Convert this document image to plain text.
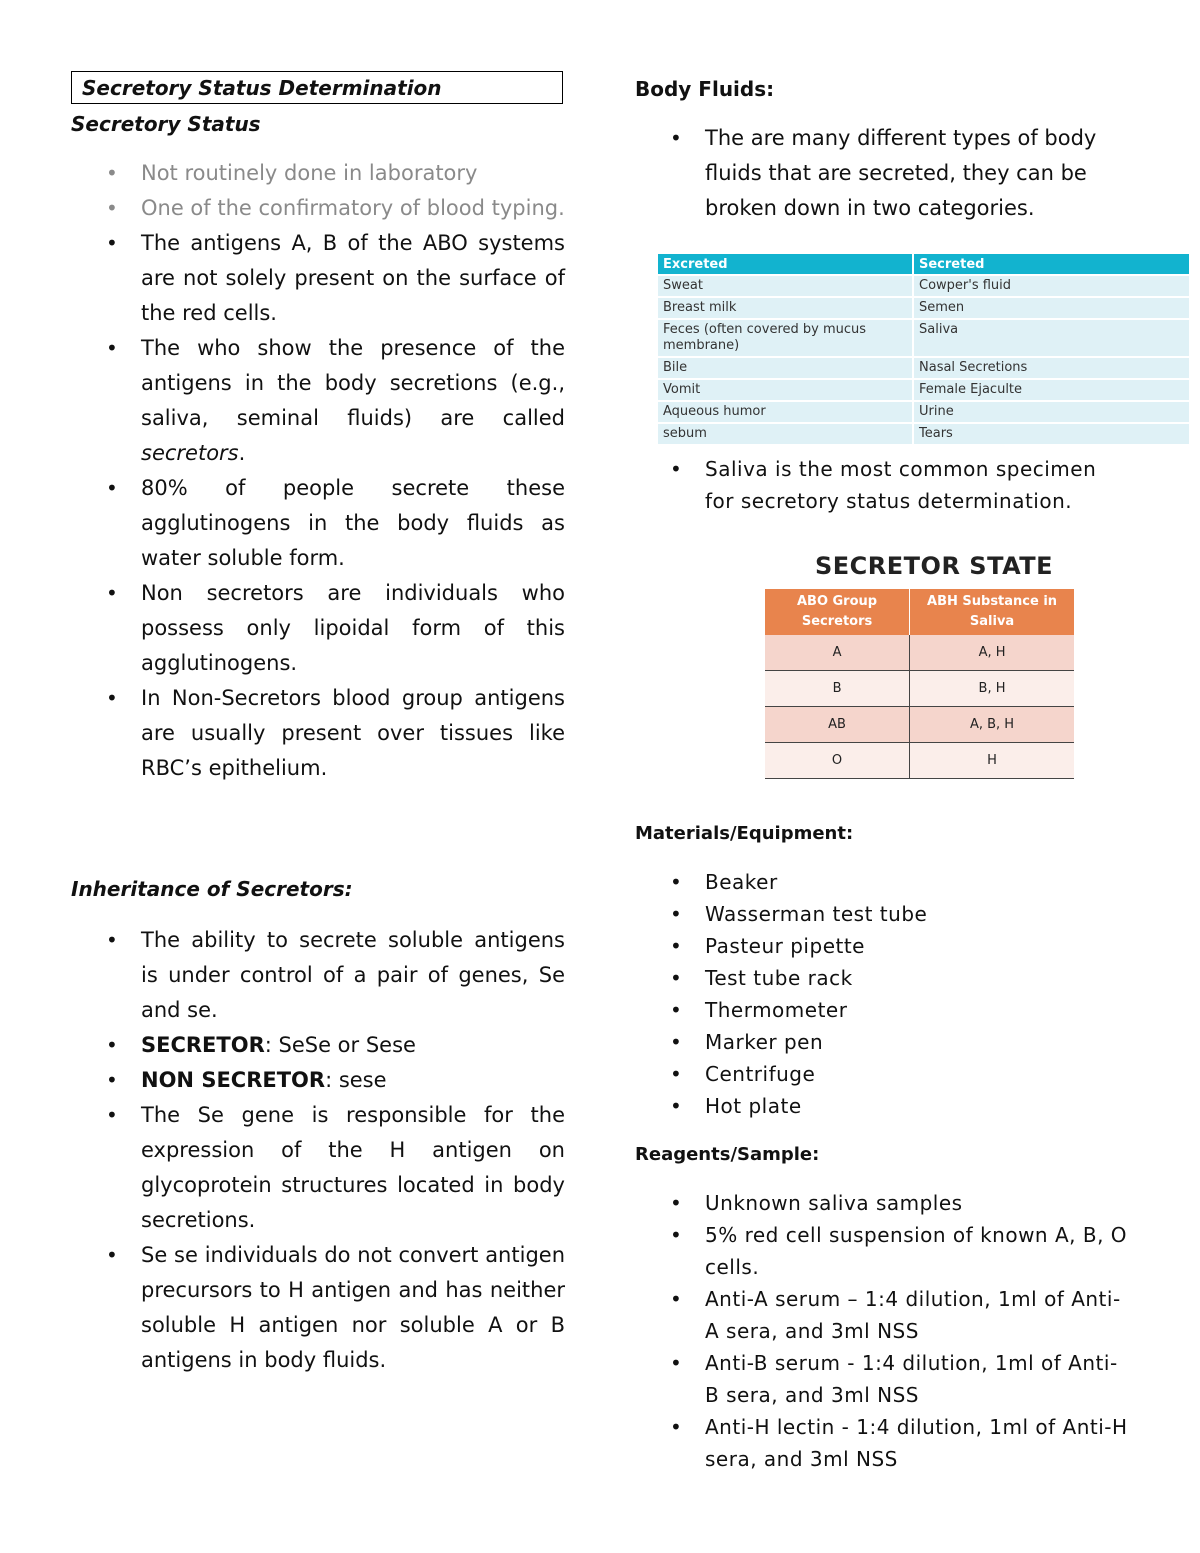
Secretory Status Determination
Secretory Status
• Not routinely done in laboratory
• One of the confirmatory of blood typing.
• The antigens A, B of the ABO systems are not solely present on the surface of the red cells.
• The who show the presence of the antigens in the body secretions (e.g., saliva, seminal fluids) are called secretors.
• 80% of people secrete these agglutinogens in the body fluids as water soluble form.
• Non secretors are individuals who possess only lipoidal form of this agglutinogens.
• In Non-Secretors blood group antigens are usually present over tissues like RBC’s epithelium.
Inheritance of Secretors:
• The ability to secrete soluble antigens is under control of a pair of genes, Se and se.
• SECRETOR: SeSe or Sese
• NON SECRETOR: sese
• The Se gene is responsible for the expression of the H antigen on glycoprotein structures located in body secretions.
• Se se individuals do not convert antigen precursors to H antigen and has neither soluble H antigen nor soluble A or B antigens in body fluids.
Body Fluids:
• The are many different types of body fluids that are secreted, they can be broken down in two categories.
Excreted	Secreted
Sweat	Cowper's fluid
Breast milk	Semen
Feces (often covered by mucus membrane)	Saliva
Bile	Nasal Secretions
Vomit	Female Ejaculte
Aqueous humor	Urine
sebum	Tears
• Saliva is the most common specimen for secretory status determination.
SECRETOR STATE
ABO Group Secretors	ABH Substance in Saliva
A	A, H
B	B, H
AB	A, B, H
O	H
Materials/Equipment:
• Beaker
• Wasserman test tube
• Pasteur pipette
• Test tube rack
• Thermometer
• Marker pen
• Centrifuge
• Hot plate
Reagents/Sample:
• Unknown saliva samples
• 5% red cell suspension of known A, B, O cells.
• Anti-A serum – 1:4 dilution, 1ml of Anti-A sera, and 3ml NSS
• Anti-B serum - 1:4 dilution, 1ml of Anti-B sera, and 3ml NSS
• Anti-H lectin - 1:4 dilution, 1ml of Anti-H sera, and 3ml NSS
